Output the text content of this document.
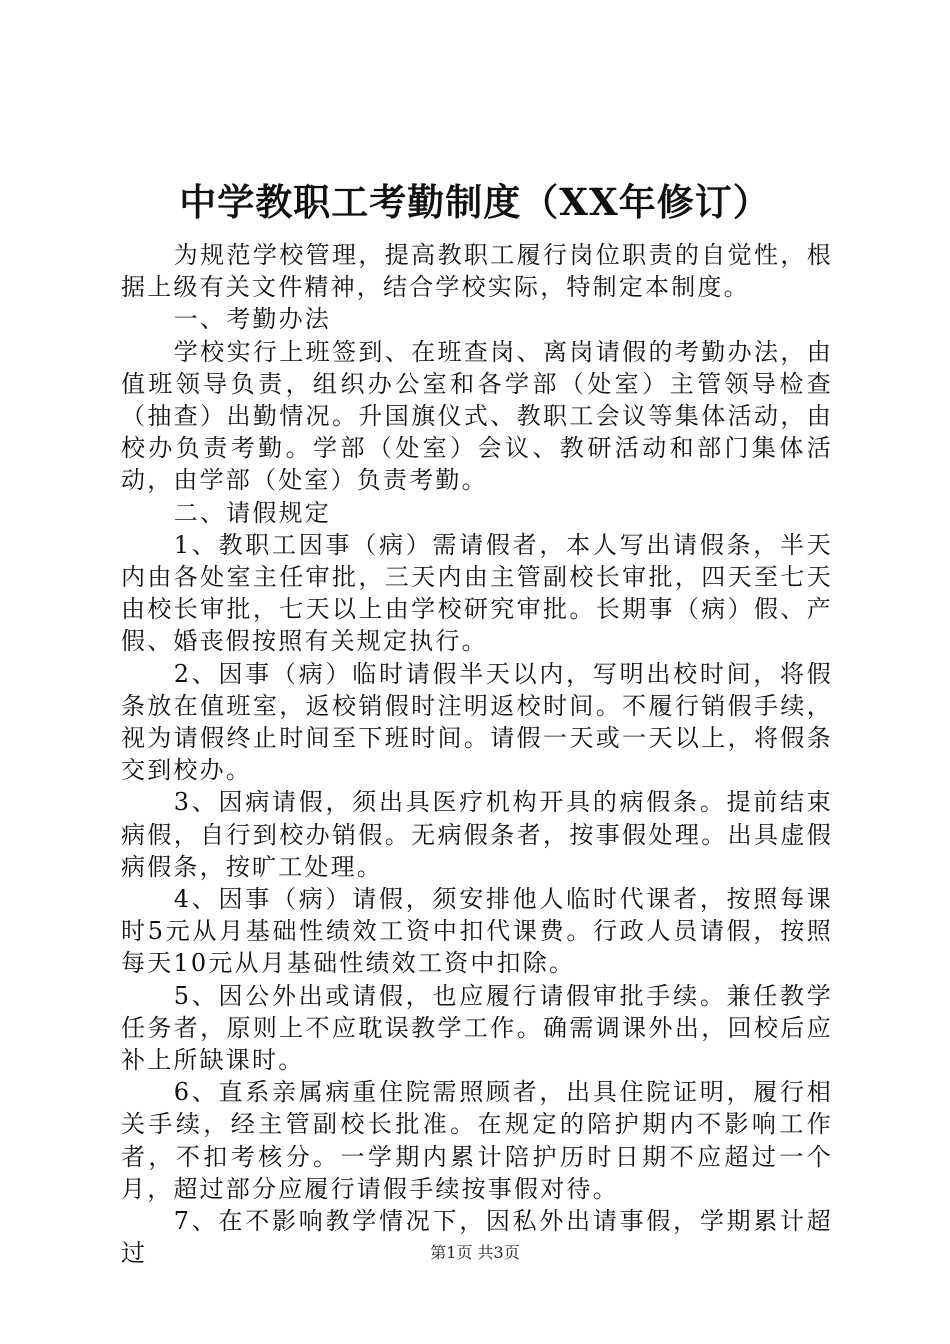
中学教职工考勤制度（XX年修订）

为规范学校管理，提高教职工履行岗位职责的自觉性，根据上级有关文件精神，结合学校实际，特制定本制度。

一、考勤办法

学校实行上班签到、在班查岗、离岗请假的考勤办法，由值班领导负责，组织办公室和各学部（处室）主管领导检查（抽查）出勤情况。升国旗仪式、教职工会议等集体活动，由校办负责考勤。学部（处室）会议、教研活动和部门集体活动，由学部（处室）负责考勤。

二、请假规定

1、教职工因事（病）需请假者，本人写出请假条，半天内由各处室主任审批，三天内由主管副校长审批，四天至七天由校长审批，七天以上由学校研究审批。长期事（病）假、产假、婚丧假按照有关规定执行。

2、因事（病）临时请假半天以内，写明出校时间，将假条放在值班室，返校销假时注明返校时间。不履行销假手续，视为请假终止时间至下班时间。请假一天或一天以上，将假条交到校办。

3、因病请假，须出具医疗机构开具的病假条。提前结束病假，自行到校办销假。无病假条者，按事假处理。出具虚假病假条，按旷工处理。

4、因事（病）请假，须安排他人临时代课者，按照每课时5元从月基础性绩效工资中扣代课费。行政人员请假，按照每天10元从月基础性绩效工资中扣除。

5、因公外出或请假，也应履行请假审批手续。兼任教学任务者，原则上不应耽误教学工作。确需调课外出，回校后应补上所缺课时。

6、直系亲属病重住院需照顾者，出具住院证明，履行相关手续，经主管副校长批准。在规定的陪护期内不影响工作者，不扣考核分。一学期内累计陪护历时日期不应超过一个月，超过部分应履行请假手续按事假对待。

7、在不影响教学情况下，因私外出请事假，学期累计超过	第1页 共3页
